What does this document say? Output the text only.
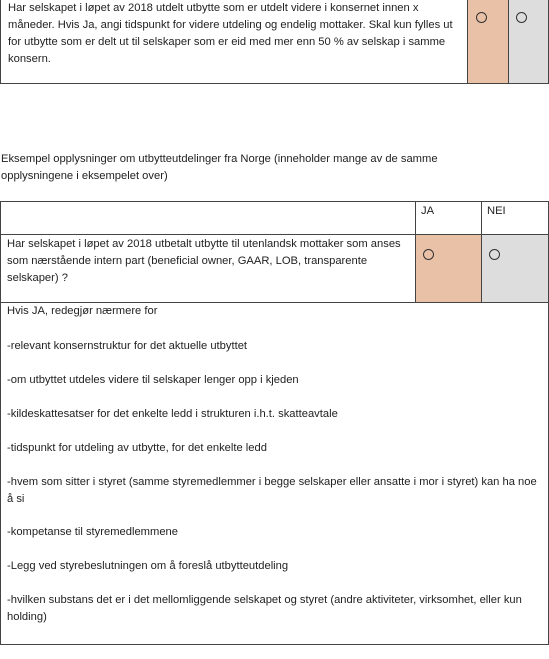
Har selskapet i løpet av 2018 utdelt utbytte som er utdelt videre i konsernet innen x måneder. Hvis Ja, angi tidspunkt for videre utdeling og endelig mottaker. Skal kun fylles ut for utbytte som er delt ut til selskaper som er eid med mer enn 50 % av selskap i samme konsern.
Eksempel opplysninger om utbytteutdelinger fra Norge (inneholder mange av de samme opplysningene i eksempelet over)
JA	NEI
Har selskapet i løpet av 2018 utbetalt utbytte til utenlandsk mottaker som anses som nærstående intern part (beneficial owner, GAAR, LOB, transparente selskaper) ?
Hvis JA, redegjør nærmere for
-relevant konsernstruktur for det aktuelle utbyttet
-om utbyttet utdeles videre til selskaper lenger opp i kjeden
-kildeskattesatser for det enkelte ledd i strukturen i.h.t. skatteavtale
-tidspunkt for utdeling av utbytte, for det enkelte ledd
-hvem som sitter i styret (samme styremedlemmer i begge selskaper eller ansatte i mor i styret) kan ha noe å si
-kompetanse til styremedlemmene
-Legg ved styrebeslutningen om å foreslå utbytteutdeling
-hvilken substans det er i det mellomliggende selskapet og styret (andre aktiviteter, virksomhet, eller kun holding)
